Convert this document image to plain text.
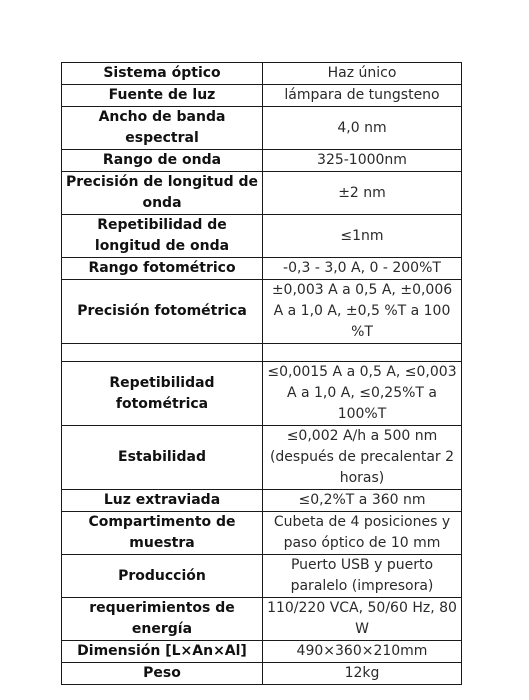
Sistema óptico	Haz único
Fuente de luz	lámpara de tungsteno
Ancho de banda espectral	4,0 nm
Rango de onda	325-1000nm
Precisión de longitud de onda	±2 nm
Repetibilidad de longitud de onda	≤1nm
Rango fotométrico	-0,3 - 3,0 A, 0 - 200%T
Precisión fotométrica	±0,003 A a 0,5 A, ±0,006 A a 1,0 A, ±0,5 %T a 100 %T

Repetibilidad fotométrica	≤0,0015 A a 0,5 A, ≤0,003 A a 1,0 A, ≤0,25%T a 100%T
Estabilidad	≤0,002 A/h a 500 nm (después de precalentar 2 horas)
Luz extraviada	≤0,2%T a 360 nm
Compartimento de muestra	Cubeta de 4 posiciones y paso óptico de 10 mm
Producción	Puerto USB y puerto paralelo (impresora)
requerimientos de energía	110/220 VCA, 50/60 Hz, 80 W
Dimensión [L×An×Al]	490×360×210mm
Peso	12kg
